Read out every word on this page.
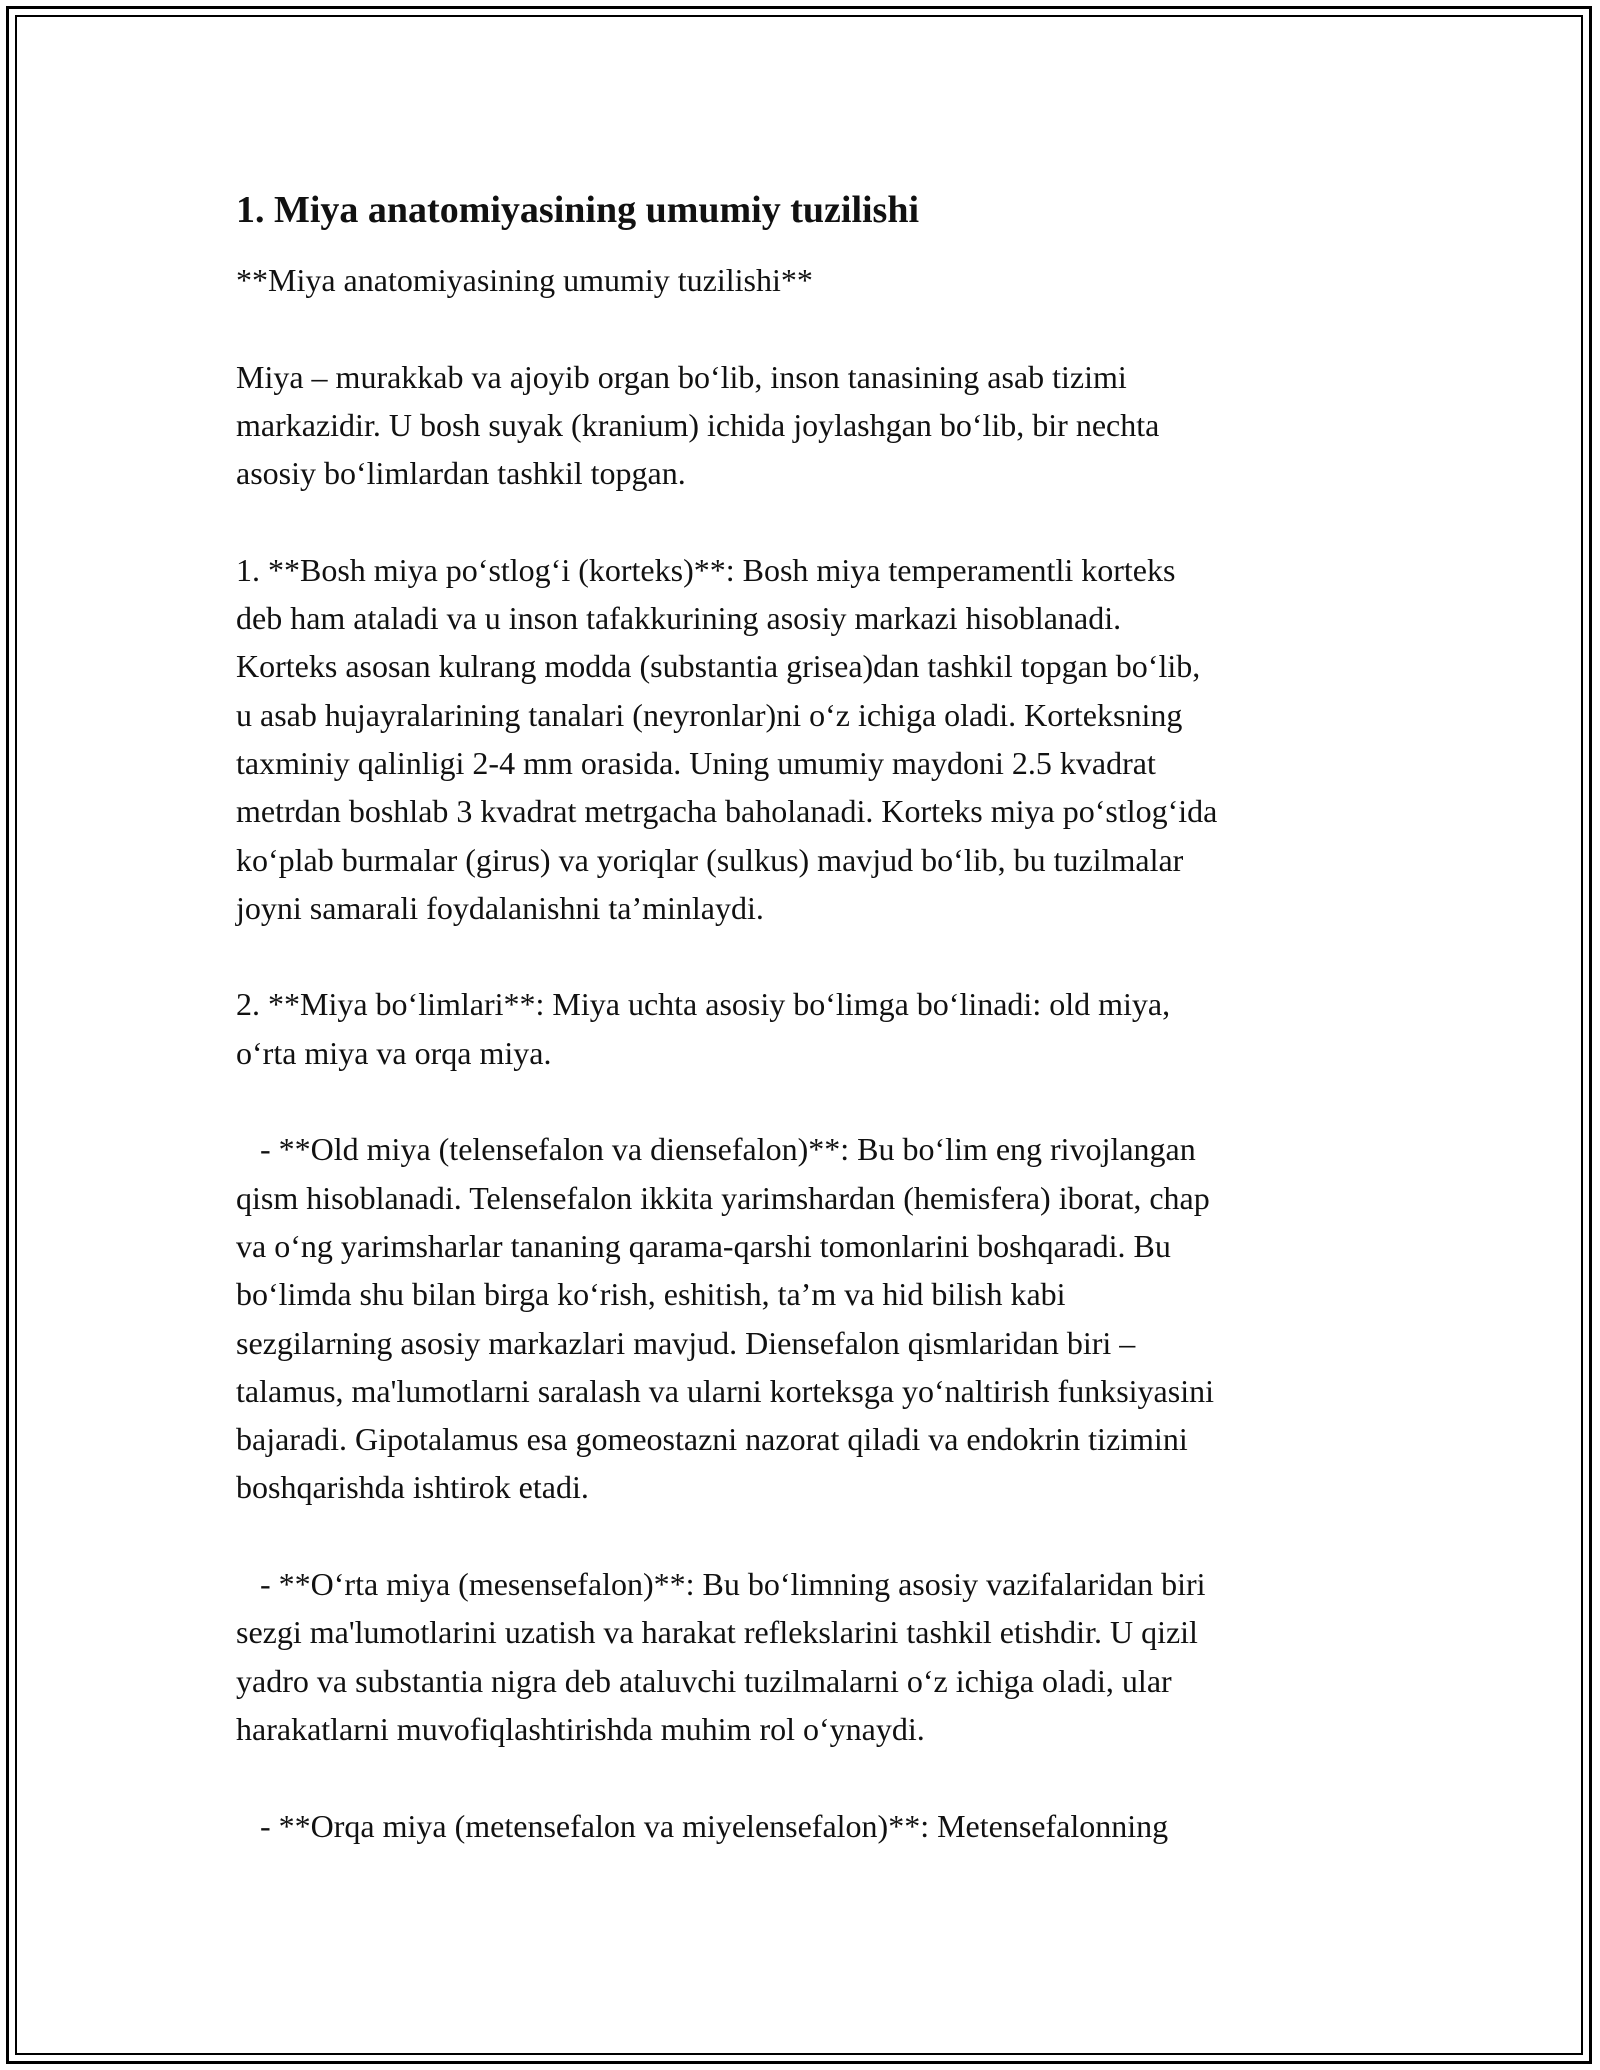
1. Miya anatomiyasining umumiy tuzilishi
**Miya anatomiyasining umumiy tuzilishi**
Miya – murakkab va ajoyib organ bo‘lib, inson tanasining asab tizimi
markazidir. U bosh suyak (kranium) ichida joylashgan bo‘lib, bir nechta
asosiy bo‘limlardan tashkil topgan.
1. **Bosh miya po‘stlog‘i (korteks)**: Bosh miya temperamentli korteks
deb ham ataladi va u inson tafakkurining asosiy markazi hisoblanadi.
Korteks asosan kulrang modda (substantia grisea)dan tashkil topgan bo‘lib,
u asab hujayralarining tanalari (neyronlar)ni o‘z ichiga oladi. Korteksning
taxminiy qalinligi 2-4 mm orasida. Uning umumiy maydoni 2.5 kvadrat
metrdan boshlab 3 kvadrat metrgacha baholanadi. Korteks miya po‘stlog‘ida
ko‘plab burmalar (girus) va yoriqlar (sulkus) mavjud bo‘lib, bu tuzilmalar
joyni samarali foydalanishni ta’minlaydi.
2. **Miya bo‘limlari**: Miya uchta asosiy bo‘limga bo‘linadi: old miya,
o‘rta miya va orqa miya.
- **Old miya (telensefalon va diensefalon)**: Bu bo‘lim eng rivojlangan
qism hisoblanadi. Telensefalon ikkita yarimshardan (hemisfera) iborat, chap
va o‘ng yarimsharlar tananing qarama-qarshi tomonlarini boshqaradi. Bu
bo‘limda shu bilan birga ko‘rish, eshitish, ta’m va hid bilish kabi
sezgilarning asosiy markazlari mavjud. Diensefalon qismlaridan biri –
talamus, ma'lumotlarni saralash va ularni korteksga yo‘naltirish funksiyasini
bajaradi. Gipotalamus esa gomeostazni nazorat qiladi va endokrin tizimini
boshqarishda ishtirok etadi.
- **O‘rta miya (mesensefalon)**: Bu bo‘limning asosiy vazifalaridan biri
sezgi ma'lumotlarini uzatish va harakat reflekslarini tashkil etishdir. U qizil
yadro va substantia nigra deb ataluvchi tuzilmalarni o‘z ichiga oladi, ular
harakatlarni muvofiqlashtirishda muhim rol o‘ynaydi.
- **Orqa miya (metensefalon va miyelensefalon)**: Metensefalonning
